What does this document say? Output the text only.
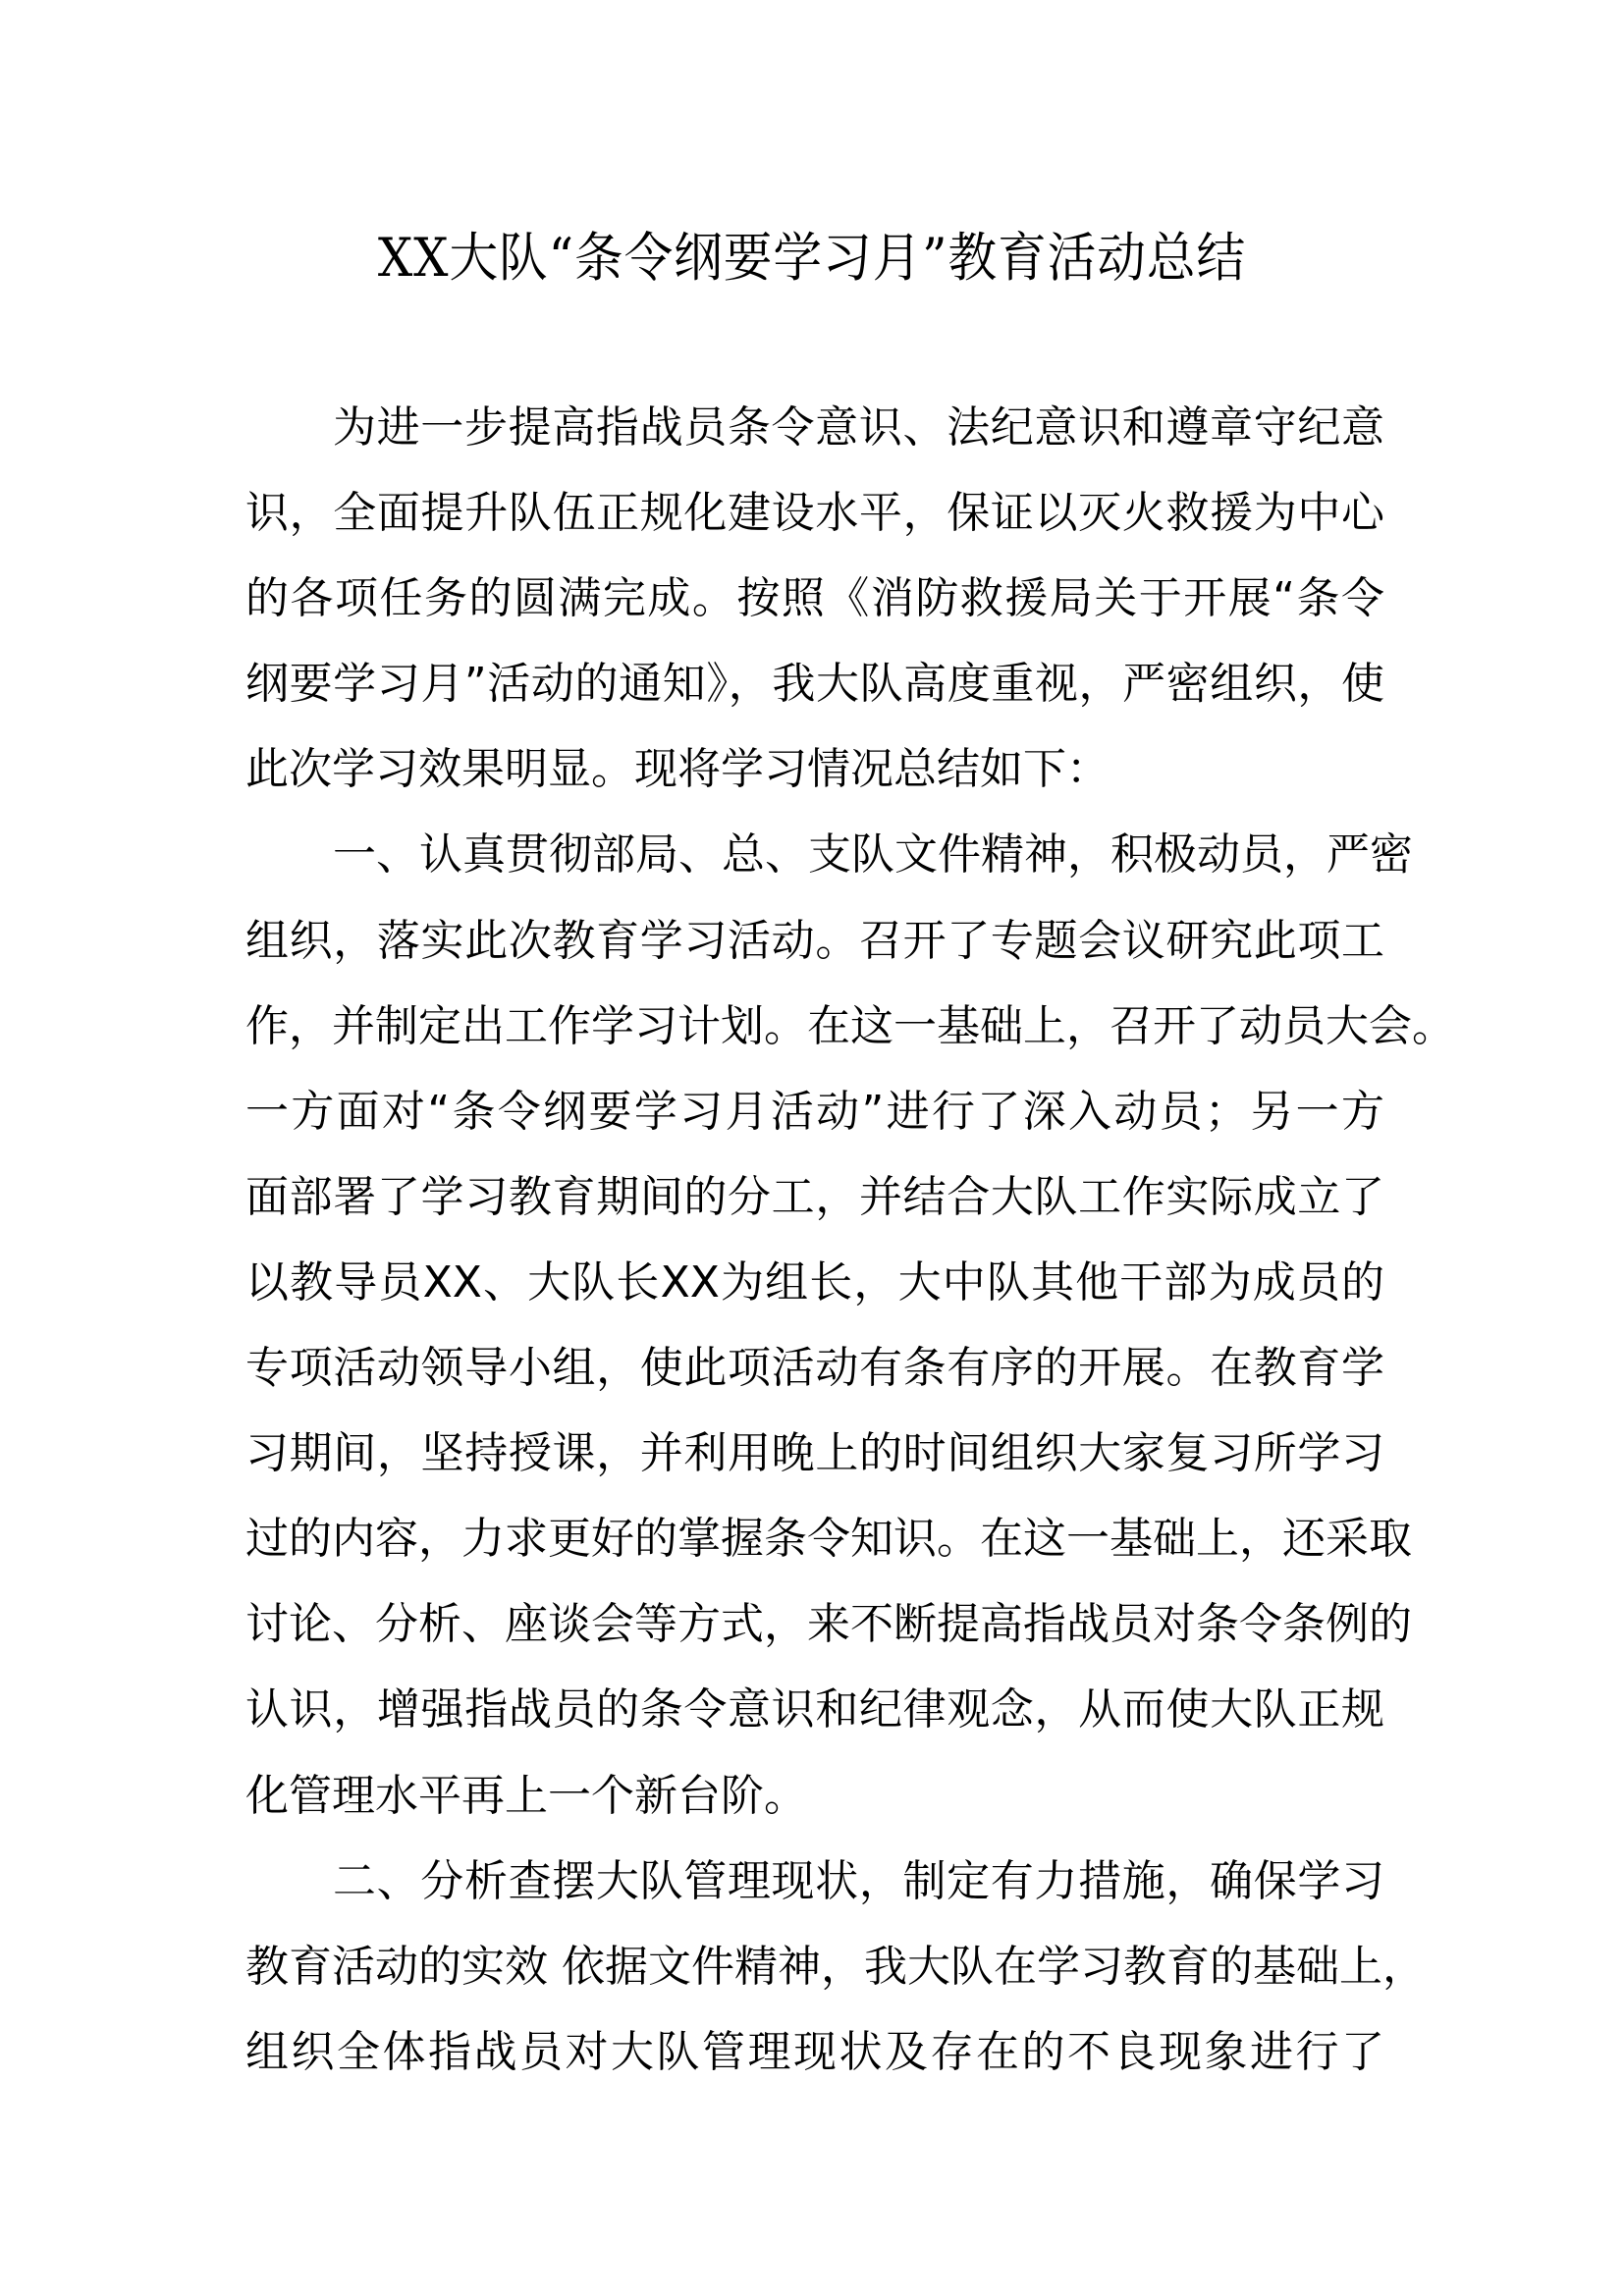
XX大队“条令纲要学习月”教育活动总结
为进一步提高指战员条令意识、法纪意识和遵章守纪意
识，全面提升队伍正规化建设水平，保证以灭火救援为中心
的各项任务的圆满完成。按照《消防救援局关于开展“条令
纲要学习月”活动的通知》，我大队高度重视，严密组织，使
此次学习效果明显。现将学习情况总结如下：
一、认真贯彻部局、总、支队文件精神，积极动员，严密
组织，落实此次教育学习活动。召开了专题会议研究此项工
作，并制定出工作学习计划。在这一基础上，召开了动员大会。
一方面对“条令纲要学习月活动”进行了深入动员；另一方
面部署了学习教育期间的分工，并结合大队工作实际成立了
以教导员XX、大队长XX为组长，大中队其他干部为成员的
专项活动领导小组，使此项活动有条有序的开展。在教育学
习期间，坚持授课，并利用晚上的时间组织大家复习所学习
过的内容，力求更好的掌握条令知识。在这一基础上，还采取
讨论、分析、座谈会等方式，来不断提高指战员对条令条例的
认识，增强指战员的条令意识和纪律观念，从而使大队正规
化管理水平再上一个新台阶。
二、分析查摆大队管理现状，制定有力措施，确保学习
教育活动的实效 依据文件精神，我大队在学习教育的基础上，
组织全体指战员对大队管理现状及存在的不良现象进行了
